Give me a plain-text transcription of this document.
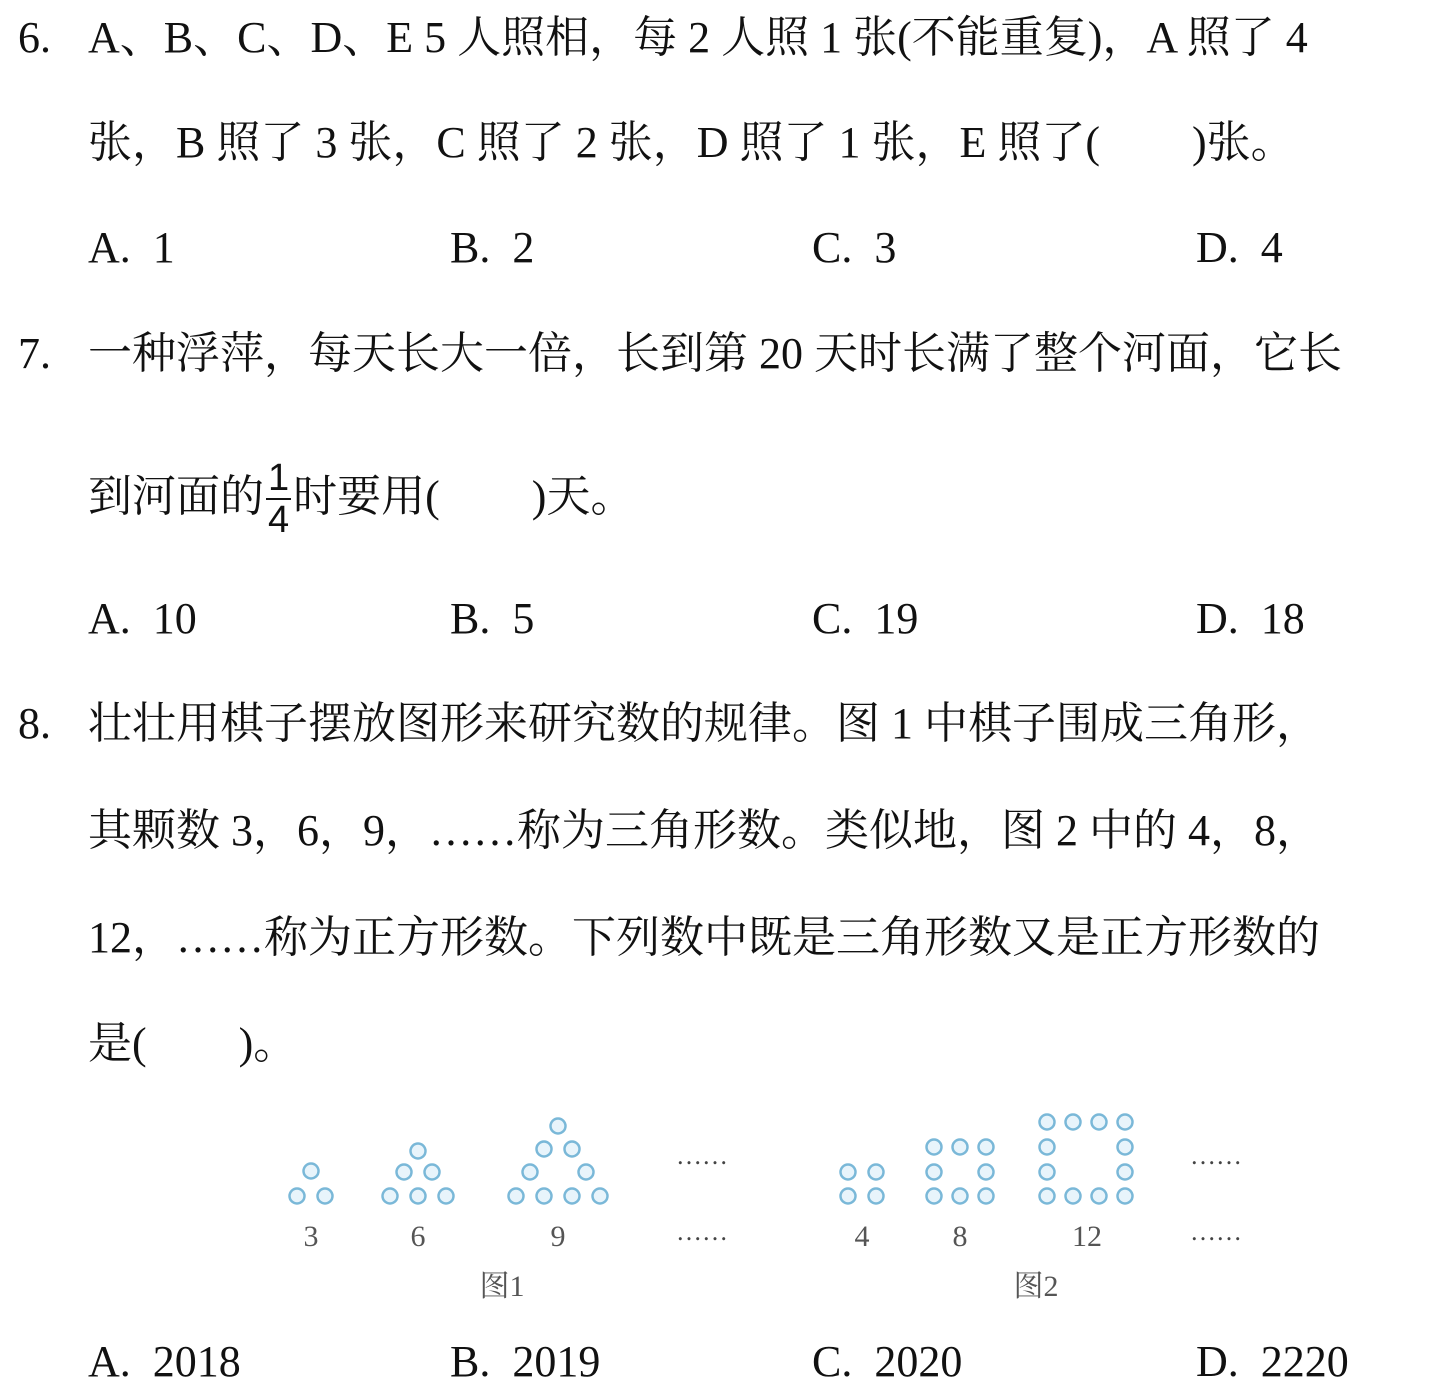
6. A、B、C、D、E 5 人照相，每 2 人照 1 张(不能重复)，A 照了 4
张，B 照了 3 张，C 照了 2 张，D 照了 1 张，E 照了( )张。
A. 1	B. 2	C. 3	D. 4
7. 一种浮萍，每天长大一倍，长到第 20 天时长满了整个河面，它长
到河面的 $\frac{1}{4}$ 时要用( )天。
A. 10	B. 5	C. 19	D. 18
8. 壮壮用棋子摆放图形来研究数的规律。图 1 中棋子围成三角形，
其颗数 3，6，9，……称为三角形数。类似地，图 2 中的 4，8，
12，……称为正方形数。下列数中既是三角形数又是正方形数的
是( )。
……
……
……
……
3	6	9
图1
4	8	12
图2
A. 2018	B. 2019	C. 2020	D. 2220
